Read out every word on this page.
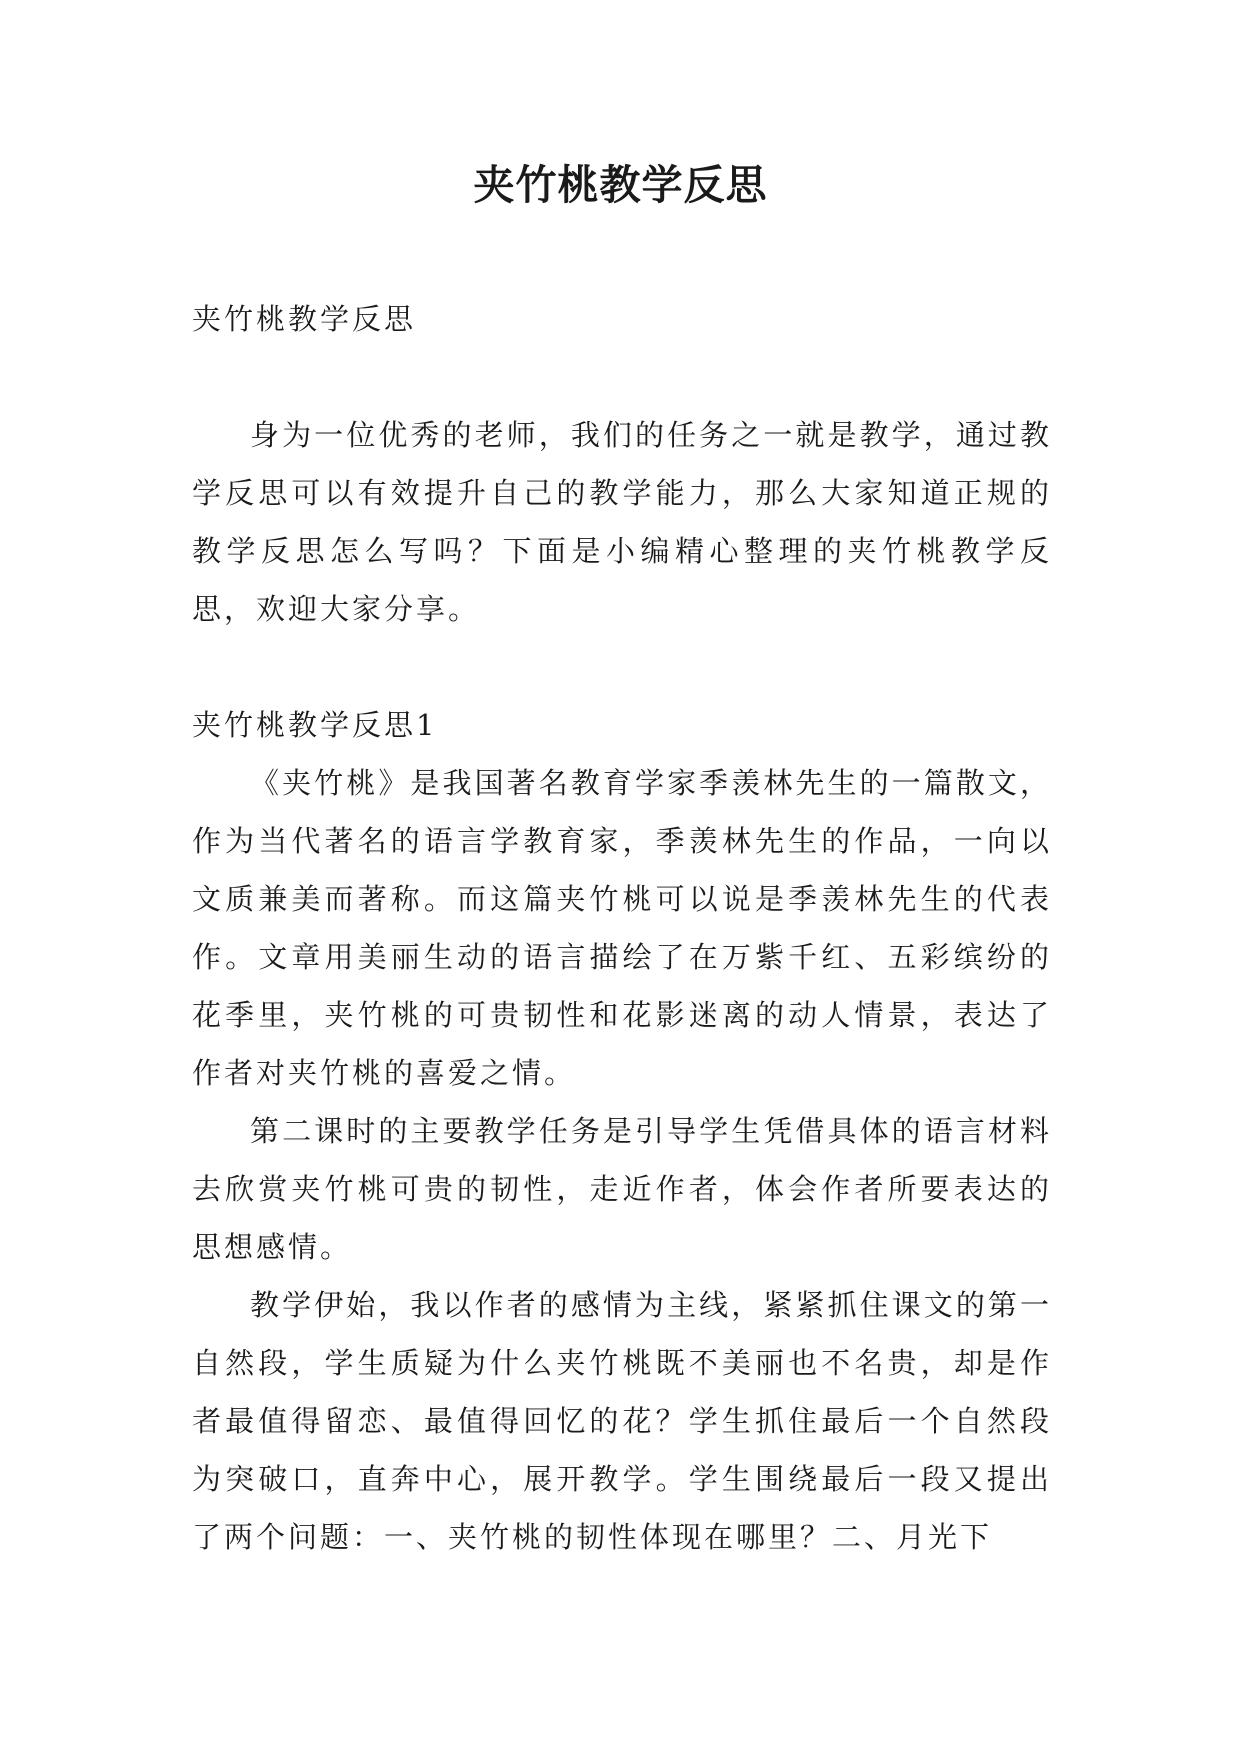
夹竹桃教学反思

夹竹桃教学反思

身为一位优秀的老师，我们的任务之一就是教学，通过教学反思可以有效提升自己的教学能力，那么大家知道正规的教学反思怎么写吗？下面是小编精心整理的夹竹桃教学反思，欢迎大家分享。

夹竹桃教学反思1

《夹竹桃》是我国著名教育学家季羡林先生的一篇散文，作为当代著名的语言学教育家，季羡林先生的作品，一向以文质兼美而著称。而这篇夹竹桃可以说是季羡林先生的代表作。文章用美丽生动的语言描绘了在万紫千红、五彩缤纷的花季里，夹竹桃的可贵韧性和花影迷离的动人情景，表达了作者对夹竹桃的喜爱之情。

第二课时的主要教学任务是引导学生凭借具体的语言材料去欣赏夹竹桃可贵的韧性，走近作者，体会作者所要表达的思想感情。

教学伊始，我以作者的感情为主线，紧紧抓住课文的第一自然段，学生质疑为什么夹竹桃既不美丽也不名贵，却是作者最值得留恋、最值得回忆的花？学生抓住最后一个自然段为突破口，直奔中心，展开教学。学生围绕最后一段又提出了两个问题：一、夹竹桃的韧性体现在哪里？二、月光下
